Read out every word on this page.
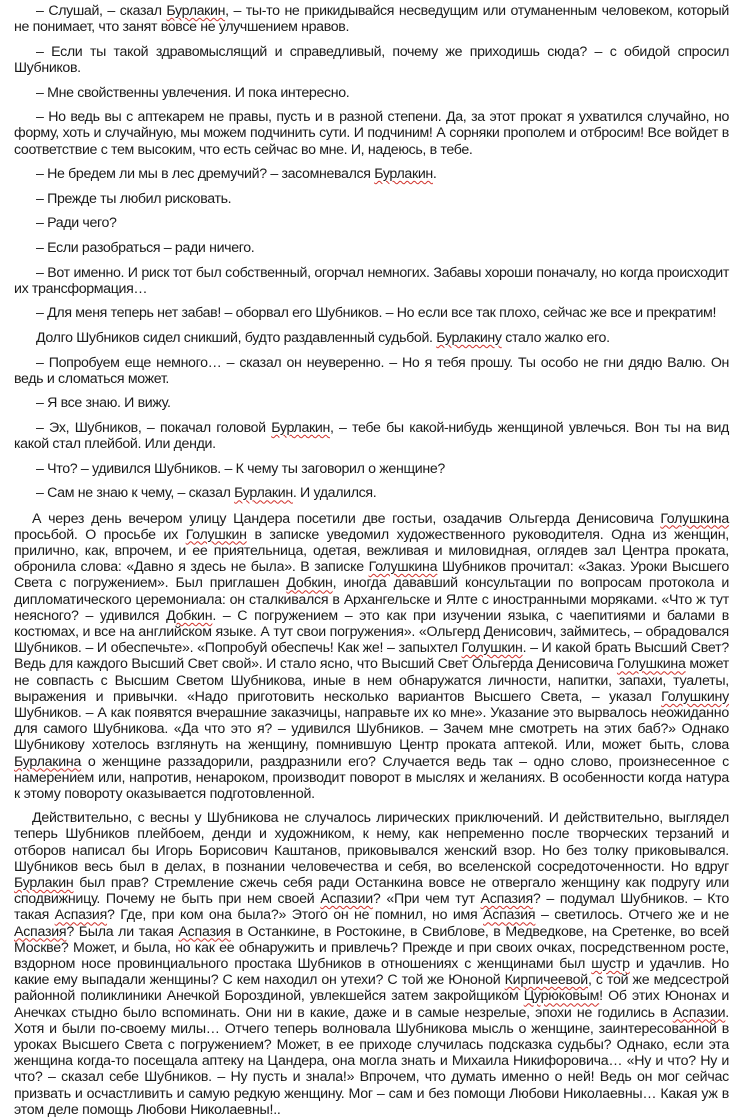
– Слушай, – сказал Бурлакин, – ты-то не прикидывайся несведущим или отуманенным человеком, который не понимает, что занят вовсе не улучшением нравов.

– Если ты такой здравомыслящий и справедливый, почему же приходишь сюда? – с обидой спросил Шубников.

– Мне свойственны увлечения. И пока интересно.

– Но ведь вы с аптекарем не правы, пусть и в разной степени. Да, за этот прокат я ухватился случайно, но форму, хоть и случайную, мы можем подчинить сути. И подчиним! А сорняки прополем и отбросим! Все войдет в соответствие с тем высоким, что есть сейчас во мне. И, надеюсь, в тебе.

– Не бредем ли мы в лес дремучий? – засомневался Бурлакин.

– Прежде ты любил рисковать.

– Ради чего?

– Если разобраться – ради ничего.

– Вот именно. И риск тот был собственный, огорчал немногих. Забавы хороши поначалу, но когда происходит их трансформация…

– Для меня теперь нет забав! – оборвал его Шубников. – Но если все так плохо, сейчас же все и прекратим!

Долго Шубников сидел сникший, будто раздавленный судьбой. Бурлакину стало жалко его.

– Попробуем еще немного… – сказал он неуверенно. – Но я тебя прошу. Ты особо не гни дядю Валю. Он ведь и сломаться может.

– Я все знаю. И вижу.

– Эх, Шубников, – покачал головой Бурлакин, – тебе бы какой-нибудь женщиной увлечься. Вон ты на вид какой стал плейбой. Или денди.

– Что? – удивился Шубников. – К чему ты заговорил о женщине?

– Сам не знаю к чему, – сказал Бурлакин. И удалился.

А через день вечером улицу Цандера посетили две гостьи, озадачив Ольгерда Денисовича Голушкина просьбой. О просьбе их Голушкин в записке уведомил художественного руководителя. Одна из женщин, прилично, как, впрочем, и ее приятельница, одетая, вежливая и миловидная, оглядев зал Центра проката, обронила слова: «Давно я здесь не была». В записке Голушкина Шубников прочитал: «Заказ. Уроки Высшего Света с погружением». Был приглашен Добкин, иногда дававший консультации по вопросам протокола и дипломатического церемониала: он сталкивался в Архангельске и Ялте с иностранными моряками. «Что ж тут неясного? – удивился Добкин. – С погружением – это как при изучении языка, с чаепитиями и балами в костюмах, и все на английском языке. А тут свои погружения». «Ольгерд Денисович, займитесь, – обрадовался Шубников. – И обеспечьте». «Попробуй обеспечь! Как же! – запыхтел Голушкин. – И какой брать Высший Свет? Ведь для каждого Высший Свет свой». И стало ясно, что Высший Свет Ольгерда Денисовича Голушкина может не совпасть с Высшим Светом Шубникова, иные в нем обнаружатся личности, напитки, запахи, туалеты, выражения и привычки. «Надо приготовить несколько вариантов Высшего Света, – указал Голушкину Шубников. – А как появятся вчерашние заказчицы, направьте их ко мне». Указание это вырвалось неожиданно для самого Шубникова. «Да что это я? – удивился Шубников. – Зачем мне смотреть на этих баб?» Однако Шубникову хотелось взглянуть на женщину, помнившую Центр проката аптекой. Или, может быть, слова Бурлакина о женщине раззадорили, раздразнили его? Случается ведь так – одно слово, произнесенное с намерением или, напротив, ненароком, производит поворот в мыслях и желаниях. В особенности когда натура к этому повороту оказывается подготовленной.

Действительно, с весны у Шубникова не случалось лирических приключений. И действительно, выглядел теперь Шубников плейбоем, денди и художником, к нему, как непременно после творческих терзаний и отборов написал бы Игорь Борисович Каштанов, приковывался женский взор. Но без толку приковывался. Шубников весь был в делах, в познании человечества и себя, во вселенской сосредоточенности. Но вдруг Бурлакин был прав? Стремление сжечь себя ради Останкина вовсе не отвергало женщину как подругу или сподвижницу. Почему не быть при нем своей Аспазии? «При чем тут Аспазия? – подумал Шубников. – Кто такая Аспазия? Где, при ком она была?» Этого он не помнил, но имя Аспазия – светилось. Отчего же и не Аспазия? Была ли такая Аспазия в Останкине, в Ростокине, в Свиблове, в Медведкове, на Сретенке, во всей Москве? Может, и была, но как ее обнаружить и привлечь? Прежде и при своих очках, посредственном росте, вздорном носе провинциального простака Шубников в отношениях с женщинами был шустр и удачлив. Но какие ему выпадали женщины? С кем находил он утехи? С той же Юноной Кирпичеевой, с той же медсестрой районной поликлиники Анечкой Бороздиной, увлекшейся затем закройщиком Цурюковым! Об этих Юнонах и Анечках стыдно было вспоминать. Они ни в какие, даже и в самые незрелые, эпохи не годились в Аспазии. Хотя и были по-своему милы… Отчего теперь волновала Шубникова мысль о женщине, заинтересованной в уроках Высшего Света с погружением? Может, в ее приходе случилась подсказка судьбы? Однако, если эта женщина когда-то посещала аптеку на Цандера, она могла знать и Михаила Никифоровича… «Ну и что? Ну и что? – сказал себе Шубников. – Ну пусть и знала!» Впрочем, что думать именно о ней! Ведь он мог сейчас призвать и осчастливить и самую редкую женщину. Мог – сам и без помощи Любови Николаевны… Какая уж в этом деле помощь Любови Николаевны!..
